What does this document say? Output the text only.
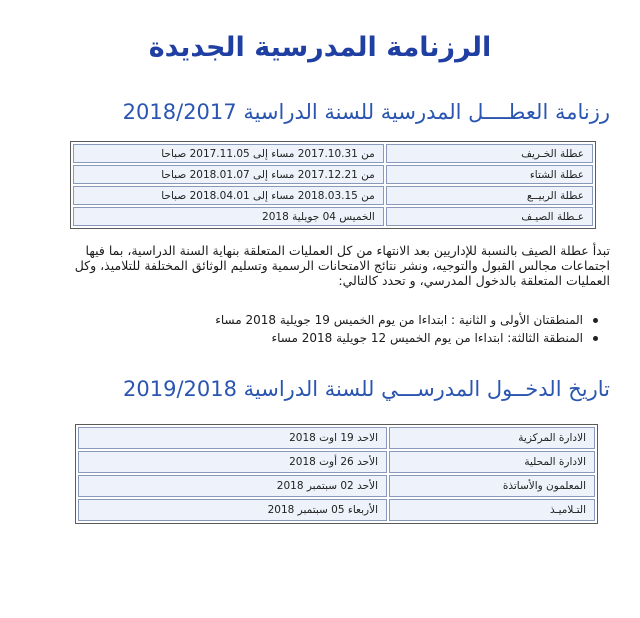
الرزنامة المدرسية الجديدة
رزنامة العطــــل المدرسية للسنة الدراسية 2018/2017
عطلة الخـريف	من 2017.10.31 مساء إلى 2017.11.05 صباحا
عطلة الشتاء	من 2017.12.21 مساء إلى 2018.01.07 صباحا
عطلة الربيــع	من 2018.03.15 مساء إلى 2018.04.01 صباحا
عـطلة الصيـف	الخميس 04 جويلية 2018
تبدأ عطلة الصيف بالنسبة للإداريين بعد الانتهاء من كل العمليات المتعلقة بنهاية السنة الدراسية، بما فيها
اجتماعات مجالس القبول والتوجيه، ونشر نتائج الامتحانات الرسمية وتسليم الوثائق المختلفة للتلاميذ، وكل
العمليات المتعلقة بالدخول المدرسي، و تحدد كالتالي:
المنطقتان الأولى و الثانية : ابتداءا من يوم الخميس 19 جويلية 2018 مساء
المنطقة الثالثة: ابتداءا من يوم الخميس 12 جويلية 2018 مساء
تاريخ الدخــول المدرســـي للسنة الدراسية 2019/2018
الادارة المركزية	الاحد 19 اوت 2018
الادارة المحلية	الأحد 26 أوت 2018
المعلمون والأساتذة	الأحد 02 سبتمبر 2018
التـلاميـذ	الأربعاء 05 سبتمبر 2018
